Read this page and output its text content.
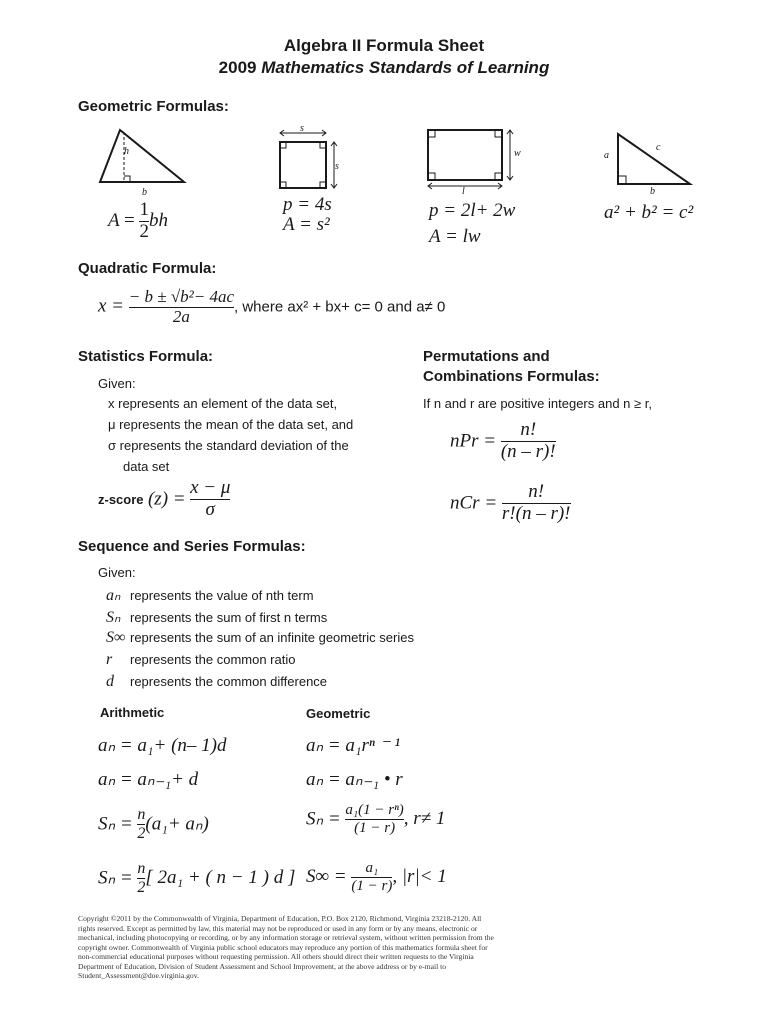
Algebra II Formula Sheet
2009 Mathematics Standards of Learning
Geometric Formulas:
h
b
$A = \frac{1}{2}$ bh
s
s
p = 4s
A = s²
w
l
p = 2l+ 2w
A = lw
a
c
b
a² + b² = c²
Quadratic Formula:
$x = \frac{\text{− b ± √b²− 4ac}}{2a}$ , where ax² + bx+ c= 0 and a≠ 0
Statistics Formula:
Given:
x represents an element of the data set,
μ represents the mean of the data set, and
σ represents the standard deviation of the
data set
z-score $(z) = \frac{x - \mu}{\sigma}$
Permutations and
Combinations Formulas:
If n and r are positive integers and n ≥ r,
nPr = $\frac{n!}{(n - r)!}$
nCr = $\frac{n!}{r!(n - r)!}$
Sequence and Series Formulas:
Given:
aₙ represents the value of nth term
Sₙ represents the sum of first n terms
S∞ represents the sum of an infinite geometric series
r represents the common ratio
d represents the common difference
Arithmetic	Geometric
aₙ = a₁+ (n– 1)d
aₙ = aₙ₋₁+ d
aₙ = a₁rⁿ ⁻ ¹
aₙ = aₙ₋₁ • r
$S_n = \frac{n}{2} (a_1+ a_n)$
$S_n = \frac{n}{2}$ [ 2a₁ + ( n − 1 ) d ]
$S_n = \frac{\text{a₁(1 − rⁿ)}}{(1 - r)}$ , r≠ 1
$S\infty = \frac{\text{a₁}}{(1 - r)}$ , |r|< 1
Copyright ©2011 by the Commonwealth of Virginia, Department of Education, P.O. Box 2120, Richmond, Virginia 23218-2120. All rights reserved. Except as permitted by law, this material may not be reproduced or used in any form or by any means, electronic or mechanical, including photocopying or recording, or by any information storage or retrieval system, without written permission from the copyright owner. Commonwealth of Virginia public school educators may reproduce any portion of this mathematics formula sheet for non-commercial educational purposes without requesting permission. All others should direct their written requests to the Virginia Department of Education, Division of Student Assessment and School Improvement, at the above address or by e-mail to Student_Assessment@doe.virginia.gov.
